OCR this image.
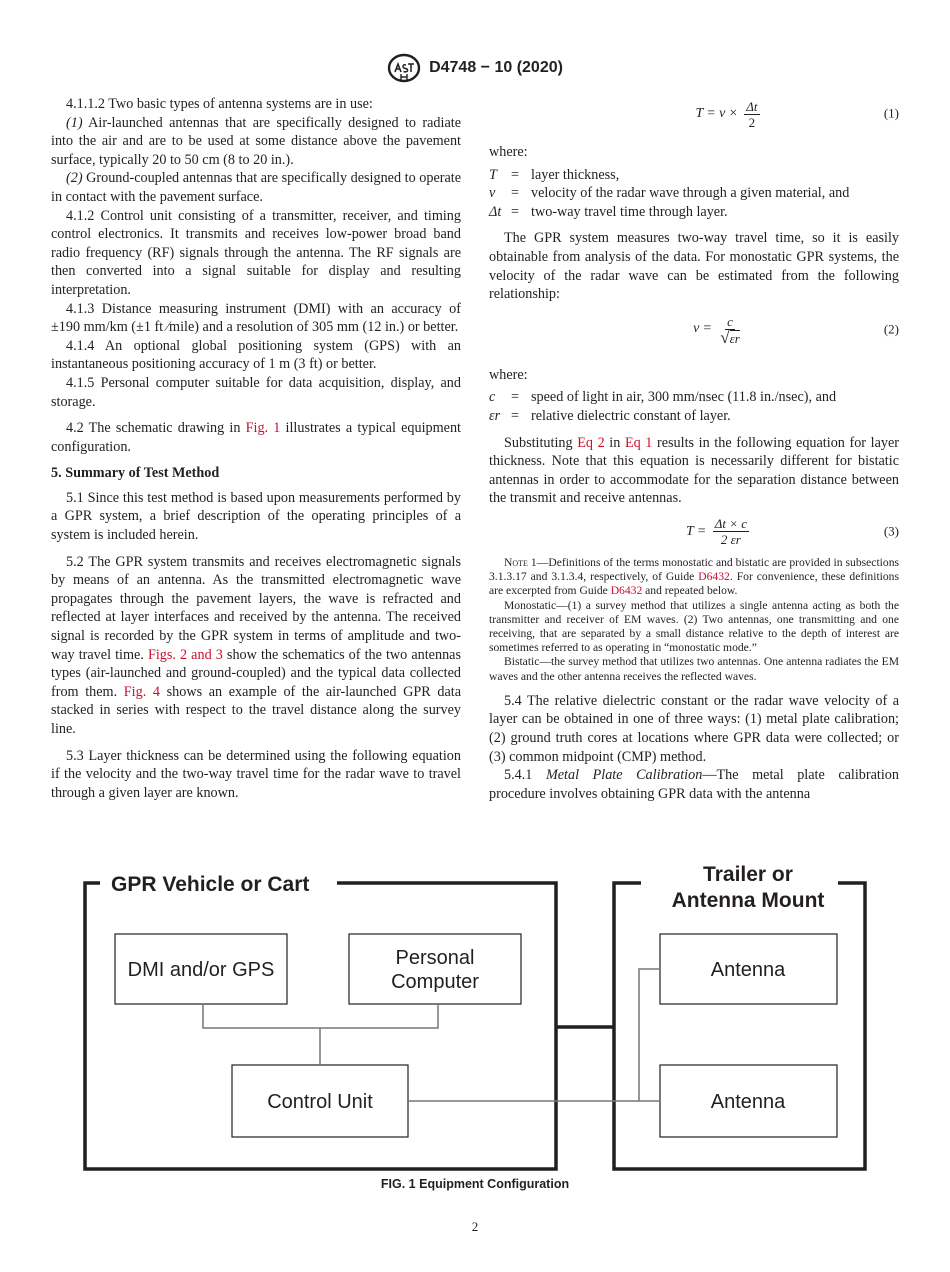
D4748 − 10 (2020)

4.1.1.2 Two basic types of antenna systems are in use:

(1) Air-launched antennas that are specifically designed to radiate into the air and are to be used at some distance above the pavement surface, typically 20 to 50 cm (8 to 20 in.).

(2) Ground-coupled antennas that are specifically designed to operate in contact with the pavement surface.

4.1.2 Control unit consisting of a transmitter, receiver, and timing control electronics. It transmits and receives low-power broad band radio frequency (RF) signals through the antenna. The RF signals are then converted into a signal suitable for display and resulting interpretation.

4.1.3 Distance measuring instrument (DMI) with an accuracy of ±190 mm/km (±1 ft ⁄mile) and a resolution of 305 mm (12 in.) or better.

4.1.4 An optional global positioning system (GPS) with an instantaneous positioning accuracy of 1 m (3 ft) or better.

4.1.5 Personal computer suitable for data acquisition, display, and storage.

4.2 The schematic drawing in Fig. 1 illustrates a typical equipment configuration.

5. Summary of Test Method

5.1 Since this test method is based upon measurements performed by a GPR system, a brief description of the operating principles of a system is included herein.

5.2 The GPR system transmits and receives electromagnetic signals by means of an antenna. As the transmitted electromagnetic wave propagates through the pavement layers, the wave is refracted and reflected at layer interfaces and received by the antenna. The received signal is recorded by the GPR system in terms of amplitude and two-way travel time. Figs. 2 and 3 show the schematics of the two antennas types (air-launched and ground-coupled) and the typical data collected from them. Fig. 4 shows an example of the air-launched GPR data stacked in series with respect to the travel distance along the survey line.

5.3 Layer thickness can be determined using the following equation if the velocity and the two-way travel time for the radar wave to travel through a given layer are known.

$T = v \times \frac{\Delta t}{2}$	(1)

where:

T = layer thickness,
v	= velocity of the radar wave through a given material, and
Δt = two-way travel time through layer.

The GPR system measures two-way travel time, so it is easily obtainable from analysis of the data. For monostatic GPR systems, the velocity of the radar wave can be estimated from the following relationship:

$v = \frac{c}{√\varepsilon r}$	(2)

where:

c	= speed of light in air, 300 mm/nsec (11.8 in./nsec), and
εr = relative dielectric constant of layer.

Substituting Eq 2 in Eq 1 results in the following equation for layer thickness. Note that this equation is necessarily different for bistatic antennas in order to accommodate for the separation distance between the transmit and receive antennas.

$T = \frac{\Delta t \times c}{2 \varepsilon r}$	(3)

Note 1—Definitions of the terms monostatic and bistatic are provided in subsections 3.1.3.17 and 3.1.3.4, respectively, of Guide D6432. For convenience, these definitions are excerpted from Guide D6432 and repeated below.

Monostatic—(1) a survey method that utilizes a single antenna acting as both the transmitter and receiver of EM waves. (2) Two antennas, one transmitting and one receiving, that are separated by a small distance relative to the depth of interest are sometimes referred to as operating in “monostatic mode.”

Bistatic—the survey method that utilizes two antennas. One antenna radiates the EM waves and the other antenna receives the reflected waves.

5.4 The relative dielectric constant or the radar wave velocity of a layer can be obtained in one of three ways: (1) metal plate calibration; (2) ground truth cores at locations where GPR data were collected; or (3) common midpoint (CMP) method.

5.4.1 Metal Plate Calibration—The metal plate calibration procedure involves obtaining GPR data with the antenna

GPR Vehicle or Cart	Trailer or
Antenna Mount
DMI and/or GPS
Personal
Computer
Control Unit
Antenna
Antenna
FIG. 1 Equipment Configuration
2
